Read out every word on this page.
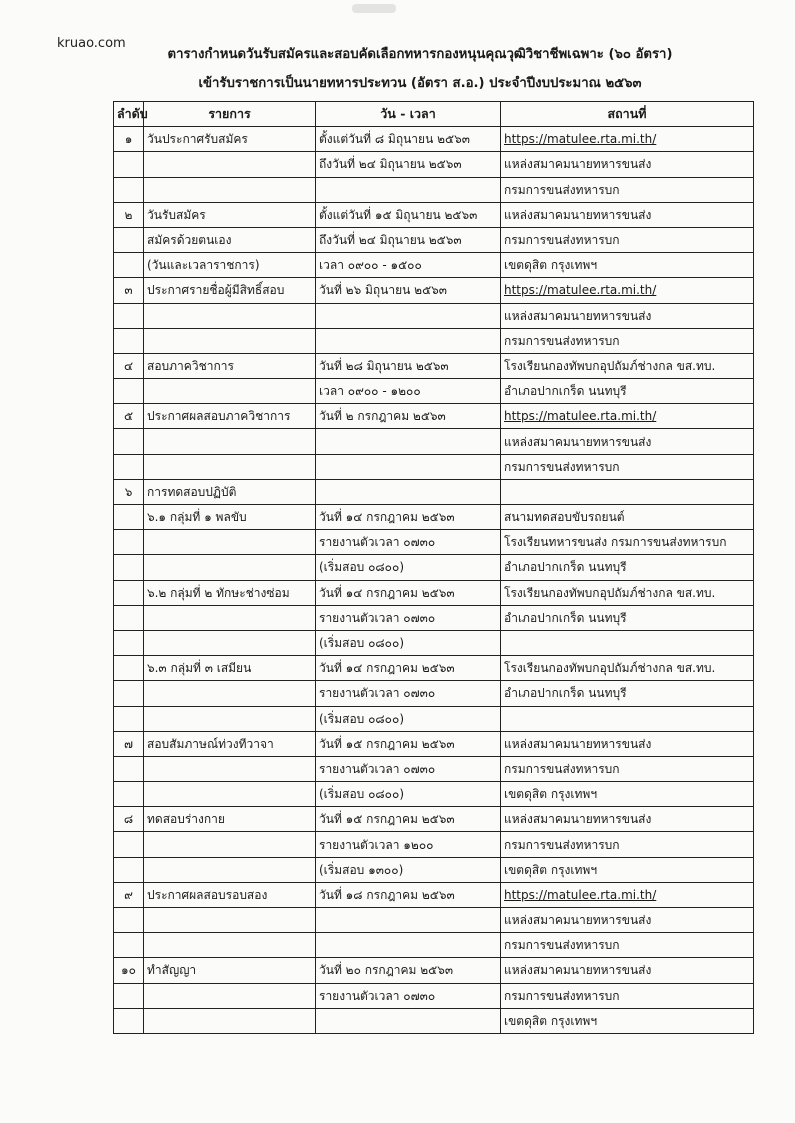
kruao.com
ตารางกำหนดวันรับสมัครและสอบคัดเลือกทหารกองหนุนคุณวุฒิวิชาชีพเฉพาะ (๖๐ อัตรา)
เข้ารับราชการเป็นนายทหารประทวน (อัตรา ส.อ.) ประจำปีงบประมาณ ๒๕๖๓
ลำดับ	รายการ	วัน - เวลา	สถานที่
๑	วันประกาศรับสมัคร	ตั้งแต่วันที่ ๘ มิถุนายน ๒๕๖๓	https://matulee.rta.mi.th/
		ถึงวันที่ ๒๔ มิถุนายน ๒๕๖๓	แหล่งสมาคมนายทหารขนส่ง
			กรมการขนส่งทหารบก
๒	วันรับสมัคร	ตั้งแต่วันที่ ๑๕ มิถุนายน ๒๕๖๓	แหล่งสมาคมนายทหารขนส่ง
	สมัครด้วยตนเอง	ถึงวันที่ ๒๔ มิถุนายน ๒๕๖๓	กรมการขนส่งทหารบก
	(วันและเวลาราชการ)	เวลา ๐๙๐๐ - ๑๕๐๐	เขตดุสิต กรุงเทพฯ
๓	ประกาศรายชื่อผู้มีสิทธิ์สอบ	วันที่ ๒๖ มิถุนายน ๒๕๖๓	https://matulee.rta.mi.th/
			แหล่งสมาคมนายทหารขนส่ง
			กรมการขนส่งทหารบก
๔	สอบภาควิชาการ	วันที่ ๒๘ มิถุนายน ๒๕๖๓	โรงเรียนกองทัพบกอุปถัมภ์ช่างกล ขส.ทบ.
		เวลา ๐๙๐๐ - ๑๒๐๐	อำเภอปากเกร็ด นนทบุรี
๕	ประกาศผลสอบภาควิชาการ	วันที่ ๒ กรกฎาคม ๒๕๖๓	https://matulee.rta.mi.th/
			แหล่งสมาคมนายทหารขนส่ง
			กรมการขนส่งทหารบก
๖	การทดสอบปฏิบัติ		
	๖.๑ กลุ่มที่ ๑ พลขับ	วันที่ ๑๔ กรกฎาคม ๒๕๖๓	สนามทดสอบขับรถยนต์
		รายงานตัวเวลา ๐๗๓๐	โรงเรียนทหารขนส่ง กรมการขนส่งทหารบก
		(เริ่มสอบ ๐๘๐๐)	อำเภอปากเกร็ด นนทบุรี
	๖.๒ กลุ่มที่ ๒ ทักษะช่างซ่อม	วันที่ ๑๔ กรกฎาคม ๒๕๖๓	โรงเรียนกองทัพบกอุปถัมภ์ช่างกล ขส.ทบ.
		รายงานตัวเวลา ๐๗๓๐	อำเภอปากเกร็ด นนทบุรี
		(เริ่มสอบ ๐๘๐๐)	
	๖.๓ กลุ่มที่ ๓ เสมียน	วันที่ ๑๔ กรกฎาคม ๒๕๖๓	โรงเรียนกองทัพบกอุปถัมภ์ช่างกล ขส.ทบ.
		รายงานตัวเวลา ๐๗๓๐	อำเภอปากเกร็ด นนทบุรี
		(เริ่มสอบ ๐๘๐๐)	
๗	สอบสัมภาษณ์ท่วงทีวาจา	วันที่ ๑๕ กรกฎาคม ๒๕๖๓	แหล่งสมาคมนายทหารขนส่ง
		รายงานตัวเวลา ๐๗๓๐	กรมการขนส่งทหารบก
		(เริ่มสอบ ๐๘๐๐)	เขตดุสิต กรุงเทพฯ
๘	ทดสอบร่างกาย	วันที่ ๑๕ กรกฎาคม ๒๕๖๓	แหล่งสมาคมนายทหารขนส่ง
		รายงานตัวเวลา ๑๒๐๐	กรมการขนส่งทหารบก
		(เริ่มสอบ ๑๓๐๐)	เขตดุสิต กรุงเทพฯ
๙	ประกาศผลสอบรอบสอง	วันที่ ๑๘ กรกฎาคม ๒๕๖๓	https://matulee.rta.mi.th/
			แหล่งสมาคมนายทหารขนส่ง
			กรมการขนส่งทหารบก
๑๐	ทำสัญญา	วันที่ ๒๐ กรกฎาคม ๒๕๖๓	แหล่งสมาคมนายทหารขนส่ง
		รายงานตัวเวลา ๐๗๓๐	กรมการขนส่งทหารบก
			เขตดุสิต กรุงเทพฯ
